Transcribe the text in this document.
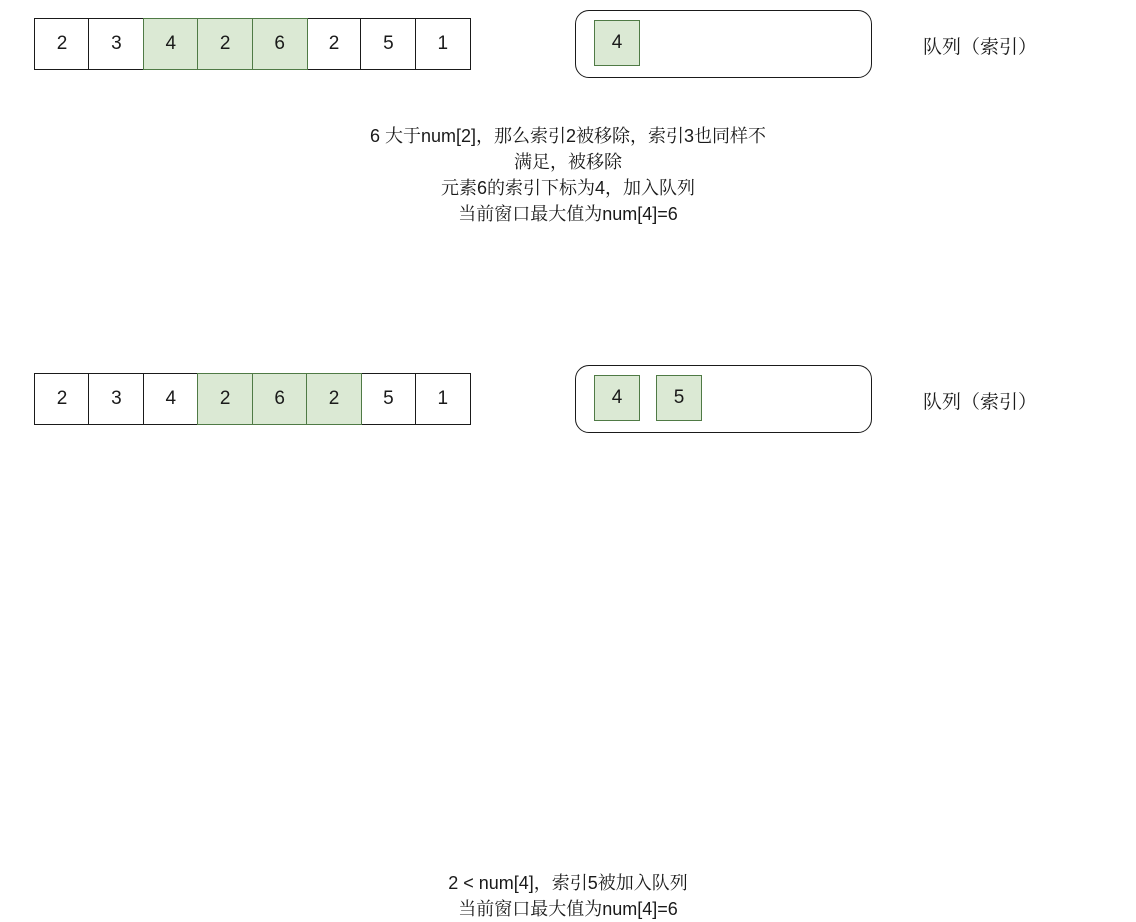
2	3	4	2	6	2	5	1	4	队列（索引）
6 大于num[2]，那么索引2被移除，索引3也同样不
满足，被移除
元素6的索引下标为4，加入队列
当前窗口最大值为num[4]=6
2	3	4	2	6	2	5	1	4	5	队列（索引）
2 < num[4]，索引5被加入队列
当前窗口最大值为num[4]=6
